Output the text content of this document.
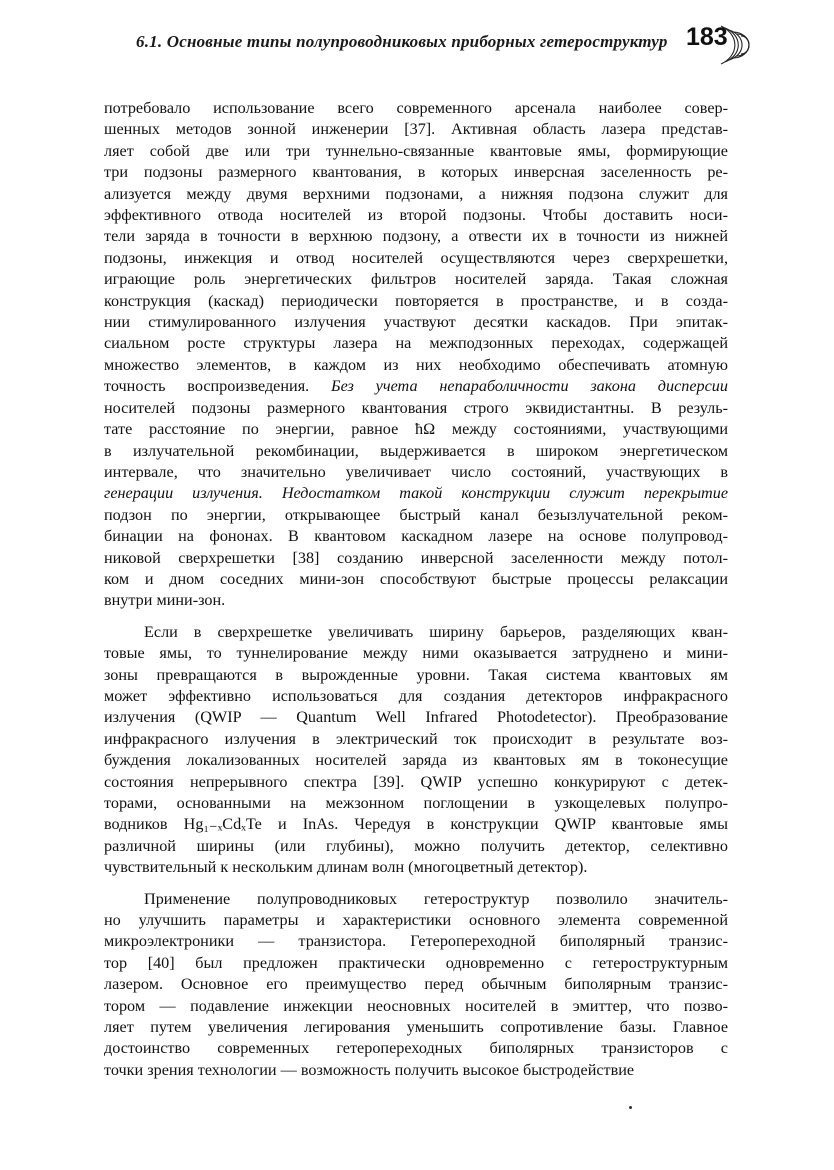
6.1. Основные типы полупроводниковых приборных гетероструктур 183
потребовало использование всего современного арсенала наиболее совер-
шенных методов зонной инженерии [37]. Активная область лазера представ-
ляет собой две или три туннельно-связанные квантовые ямы, формирующие
три подзоны размерного квантования, в которых инверсная заселенность ре-
ализуется между двумя верхними подзонами, а нижняя подзона служит для
эффективного отвода носителей из второй подзоны. Чтобы доставить носи-
тели заряда в точности в верхнюю подзону, а отвести их в точности из нижней
подзоны, инжекция и отвод носителей осуществляются через сверхрешетки,
играющие роль энергетических фильтров носителей заряда. Такая сложная
конструкция (каскад) периодически повторяется в пространстве, и в созда-
нии стимулированного излучения участвуют десятки каскадов. При эпитак-
сиальном росте структуры лазера на межподзонных переходах, содержащей
множество элементов, в каждом из них необходимо обеспечивать атомную
точность воспроизведения. Без учета непараболичности закона дисперсии
носителей подзоны размерного квантования строго эквидистантны. В резуль-
тате расстояние по энергии, равное ħΩ между состояниями, участвующими
в излучательной рекомбинации, выдерживается в широком энергетическом
интервале, что значительно увеличивает число состояний, участвующих в
генерации излучения. Недостатком такой конструкции служит перекрытие
подзон по энергии, открывающее быстрый канал безызлучательной реком-
бинации на фононах. В квантовом каскадном лазере на основе полупровод-
никовой сверхрешетки [38] созданию инверсной заселенности между потол-
ком и дном соседних мини-зон способствуют быстрые процессы релаксации
внутри мини-зон.
Если в сверхрешетке увеличивать ширину барьеров, разделяющих кван-
товые ямы, то туннелирование между ними оказывается затруднено и мини-
зоны превращаются в вырожденные уровни. Такая система квантовых ям
может эффективно использоваться для создания детекторов инфракрасного
излучения (QWIP — Quantum Well Infrared Photodetector). Преобразование
инфракрасного излучения в электрический ток происходит в результате воз-
буждения локализованных носителей заряда из квантовых ям в токонесущие
состояния непрерывного спектра [39]. QWIP успешно конкурируют с детек-
торами, основанными на межзонном поглощении в узкощелевых полупро-
водников Hg₁₋ₓCdₓTe и InAs. Чередуя в конструкции QWIP квантовые ямы
различной ширины (или глубины), можно получить детектор, селективно
чувствительный к нескольким длинам волн (многоцветный детектор).
Применение полупроводниковых гетероструктур позволило значитель-
но улучшить параметры и характеристики основного элемента современной
микроэлектроники — транзистора. Гетеропереходной биполярный транзис-
тор [40] был предложен практически одновременно с гетероструктурным
лазером. Основное его преимущество перед обычным биполярным транзис-
тором — подавление инжекции неосновных носителей в эмиттер, что позво-
ляет путем увеличения легирования уменьшить сопротивление базы. Главное
достоинство современных гетеропереходных биполярных транзисторов с
точки зрения технологии — возможность получить высокое быстродействие
